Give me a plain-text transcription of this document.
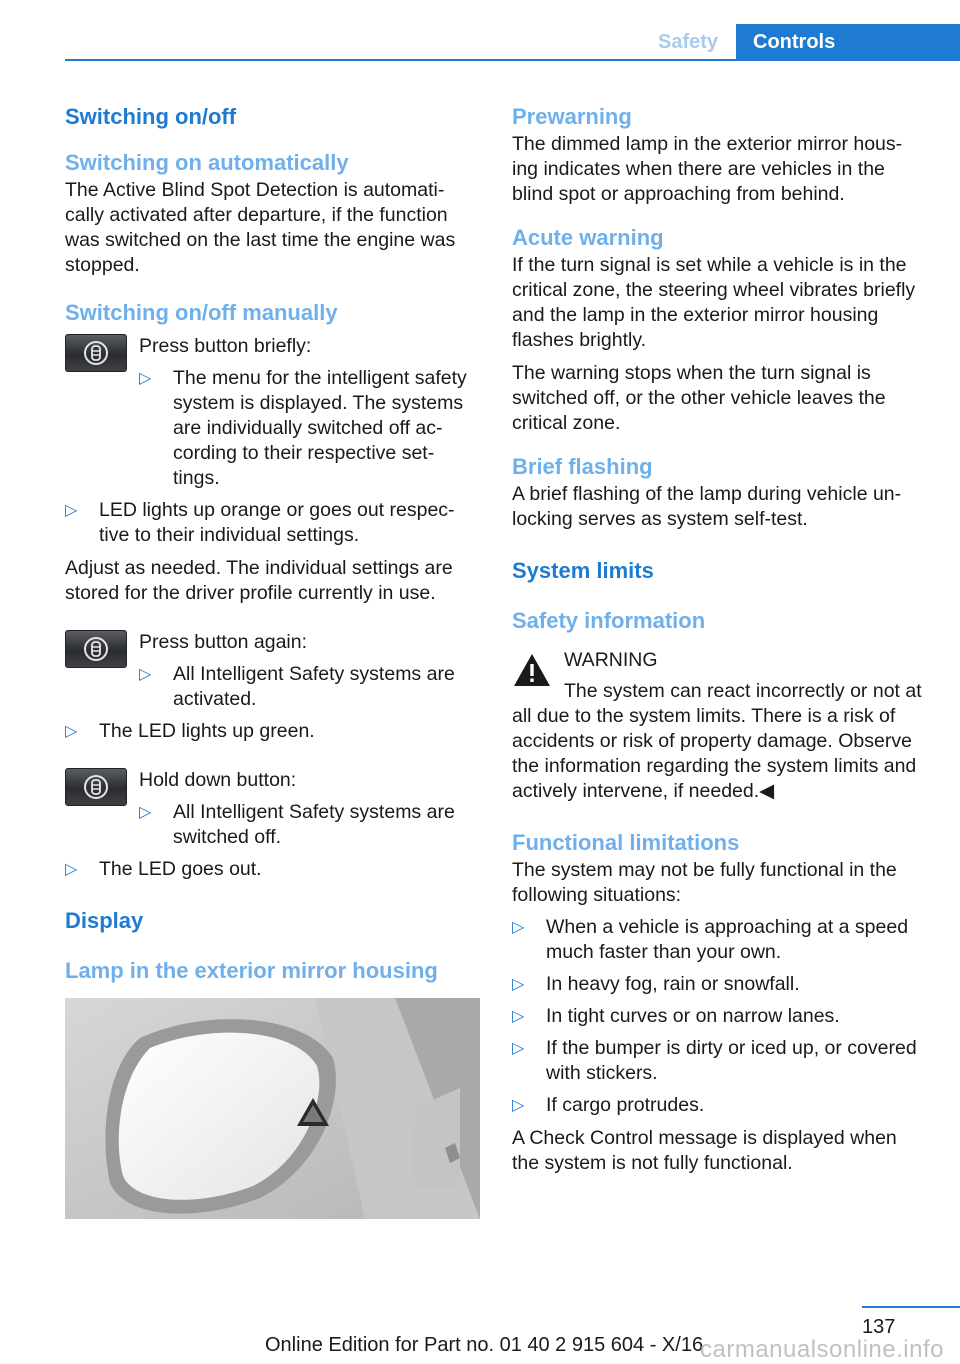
Safety	Controls
Switching on/off
Switching on automatically

The Active Blind Spot Detection is automati‐cally activated after departure, if the function was switched on the last time the engine was stopped.

Switching on/off manually

Press button briefly:

▷ The menu for the intelligent safety system is displayed. The systems are individually switched off ac‐cording to their respective set‐tings.
▷ LED lights up orange or goes out respec‐tive to their individual settings.

Adjust as needed. The individual settings are stored for the driver profile currently in use.

Press button again:

▷ All Intelligent Safety systems are activated.
▷ The LED lights up green.

Hold down button:

▷ All Intelligent Safety systems are switched off.
▷ The LED goes out.
Display
Lamp in the exterior mirror housing
Prewarning

The dimmed lamp in the exterior mirror hous‐ing indicates when there are vehicles in the blind spot or approaching from behind.

Acute warning

If the turn signal is set while a vehicle is in the critical zone, the steering wheel vibrates briefly and the lamp in the exterior mirror housing flashes brightly.

The warning stops when the turn signal is switched off, or the other vehicle leaves the critical zone.

Brief flashing

A brief flashing of the lamp during vehicle un‐locking serves as system self-test.

System limits
Safety information

WARNING

The system can react incorrectly or not at all due to the system limits. There is a risk of accidents or risk of property damage. Observe the information regarding the system limits and actively intervene, if needed.◀

Functional limitations

The system may not be fully functional in the following situations:

▷ When a vehicle is approaching at a speed much faster than your own.
▷ In heavy fog, rain or snowfall.
▷ In tight curves or on narrow lanes.
▷ If the bumper is dirty or iced up, or covered with stickers.
▷ If cargo protrudes.

A Check Control message is displayed when the system is not fully functional.

137
Online Edition for Part no. 01 40 2 915 604 - X/16
carmanualsonline.info
